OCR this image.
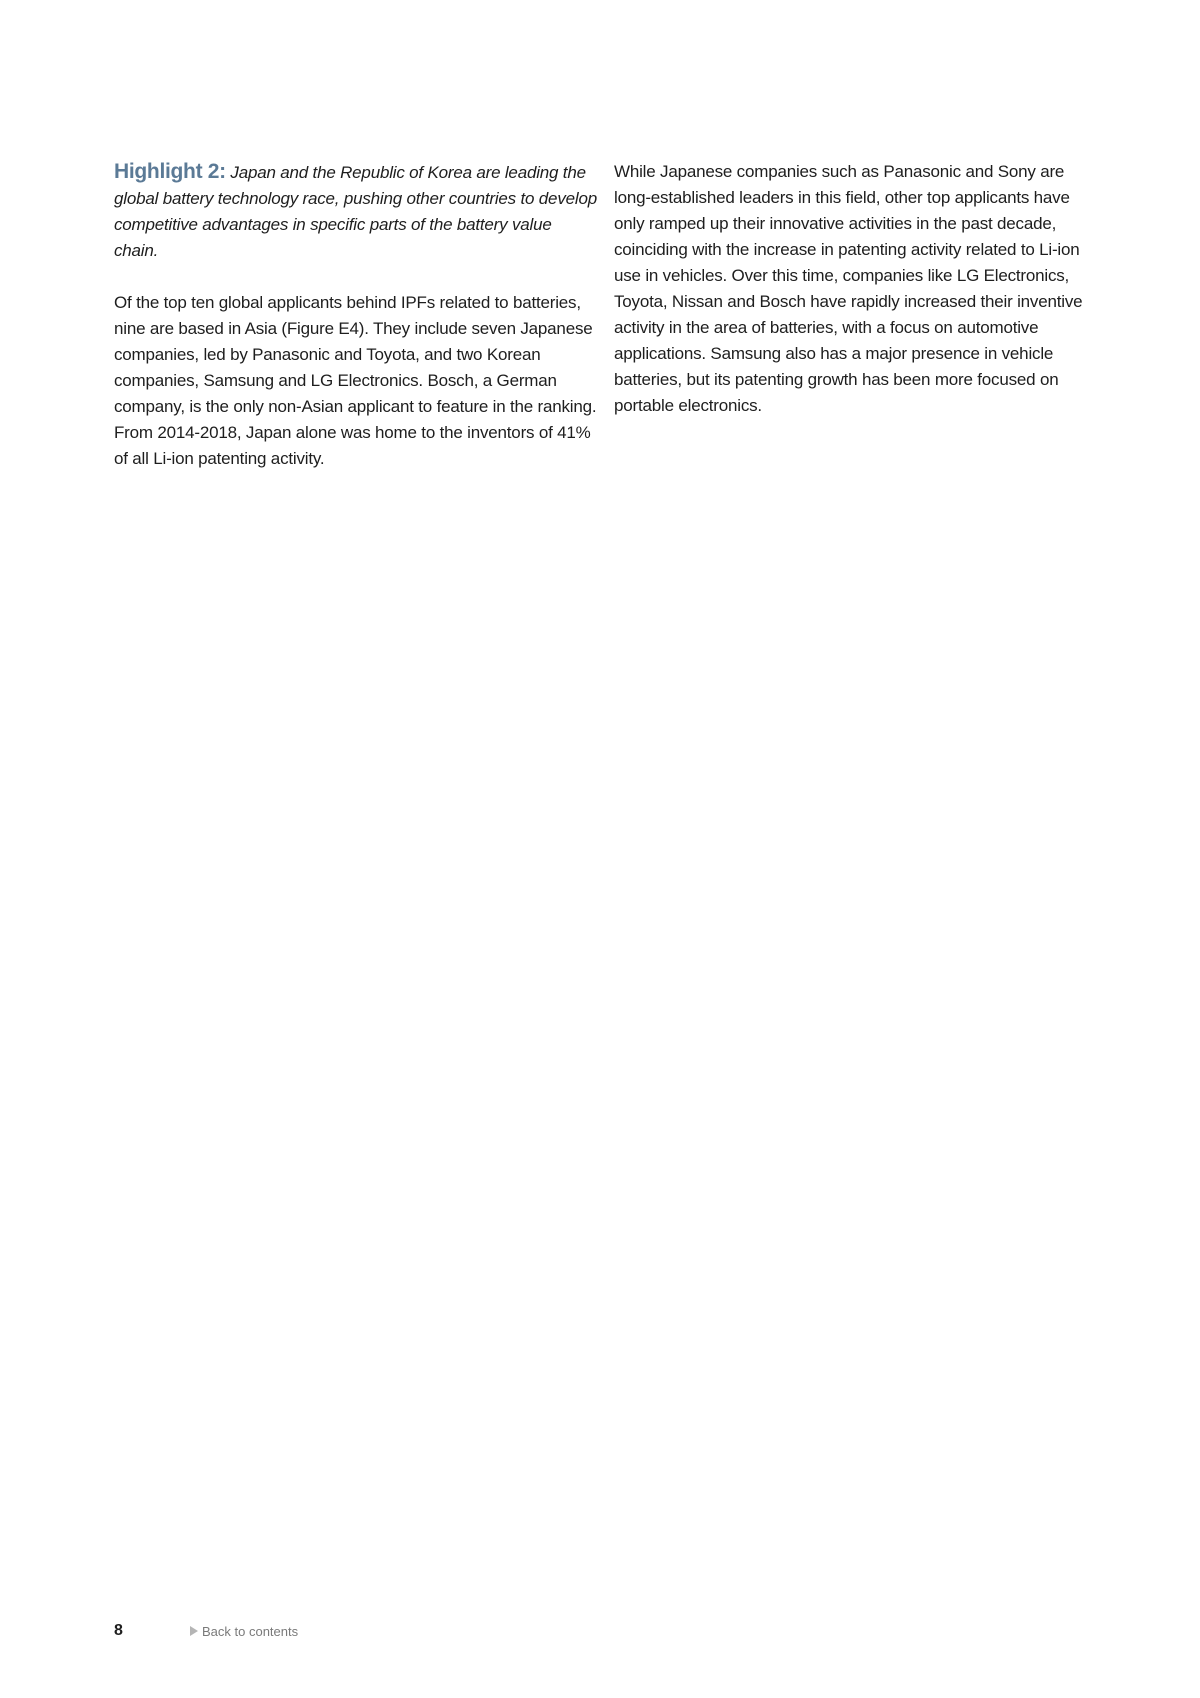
Highlight 2: Japan and the Republic of Korea are leading the global battery technology race, pushing other countries to develop competitive advantages in specific parts of the battery value chain.

Of the top ten global applicants behind IPFs related to batteries, nine are based in Asia (Figure E4). They include seven Japanese companies, led by Panasonic and Toyota, and two Korean companies, Samsung and LG Electronics. Bosch, a German company, is the only non-Asian applicant to feature in the ranking. From 2014-2018, Japan alone was home to the inventors of 41% of all Li-ion patenting activity.

While Japanese companies such as Panasonic and Sony are long-established leaders in this field, other top applicants have only ramped up their innovative activities in the past decade, coinciding with the increase in patenting activity related to Li-ion use in vehicles. Over this time, companies like LG Electronics, Toyota, Nissan and Bosch have rapidly increased their inventive activity in the area of batteries, with a focus on automotive applications. Samsung also has a major presence in vehicle batteries, but its patenting growth has been more focused on portable electronics.

8	Back to contents
